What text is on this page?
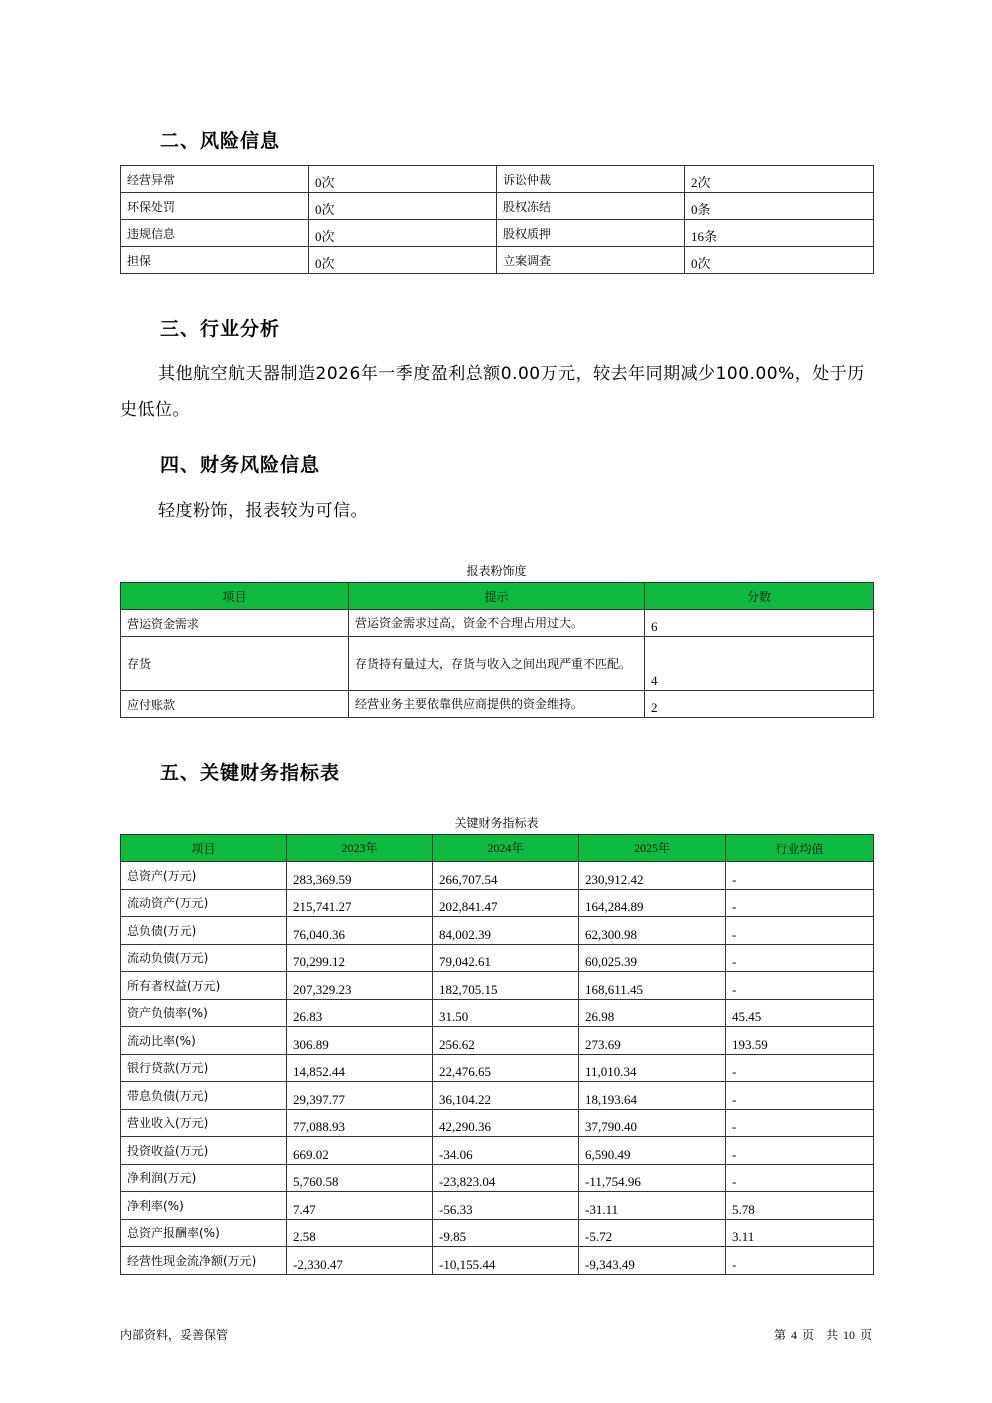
二、风险信息
经营异常	0次	诉讼仲裁	2次
环保处罚	0次	股权冻结	0条
违规信息	0次	股权质押	16条
担保	0次	立案调查	0次
三、行业分析
其他航空航天器制造2026年一季度盈利总额0.00万元，较去年同期减少100.00%，处于历史低位。
四、财务风险信息
轻度粉饰，报表较为可信。
报表粉饰度
项目	提示	分数
营运资金需求	营运资金需求过高，资金不合理占用过大。	6
存货	存货持有量过大，存货与收入之间出现严重不匹配。	4
应付账款	经营业务主要依靠供应商提供的资金维持。	2
五、关键财务指标表
关键财务指标表
项目	2023年	2024年	2025年	行业均值
总资产(万元)	283,369.59	266,707.54	230,912.42	-
流动资产(万元)	215,741.27	202,841.47	164,284.89	-
总负债(万元)	76,040.36	84,002.39	62,300.98	-
流动负债(万元)	70,299.12	79,042.61	60,025.39	-
所有者权益(万元)	207,329.23	182,705.15	168,611.45	-
资产负债率(%)	26.83	31.50	26.98	45.45
流动比率(%)	306.89	256.62	273.69	193.59
银行贷款(万元)	14,852.44	22,476.65	11,010.34	-
带息负债(万元)	29,397.77	36,104.22	18,193.64	-
营业收入(万元)	77,088.93	42,290.36	37,790.40	-
投资收益(万元)	669.02	-34.06	6,590.49	-
净利润(万元)	5,760.58	-23,823.04	-11,754.96	-
净利率(%)	7.47	-56.33	-31.11	5.78
总资产报酬率(%)	2.58	-9.85	-5.72	3.11
经营性现金流净额(万元)	-2,330.47	-10,155.44	-9,343.49	-
内部资料，妥善保管	第 4 页　共 10 页
